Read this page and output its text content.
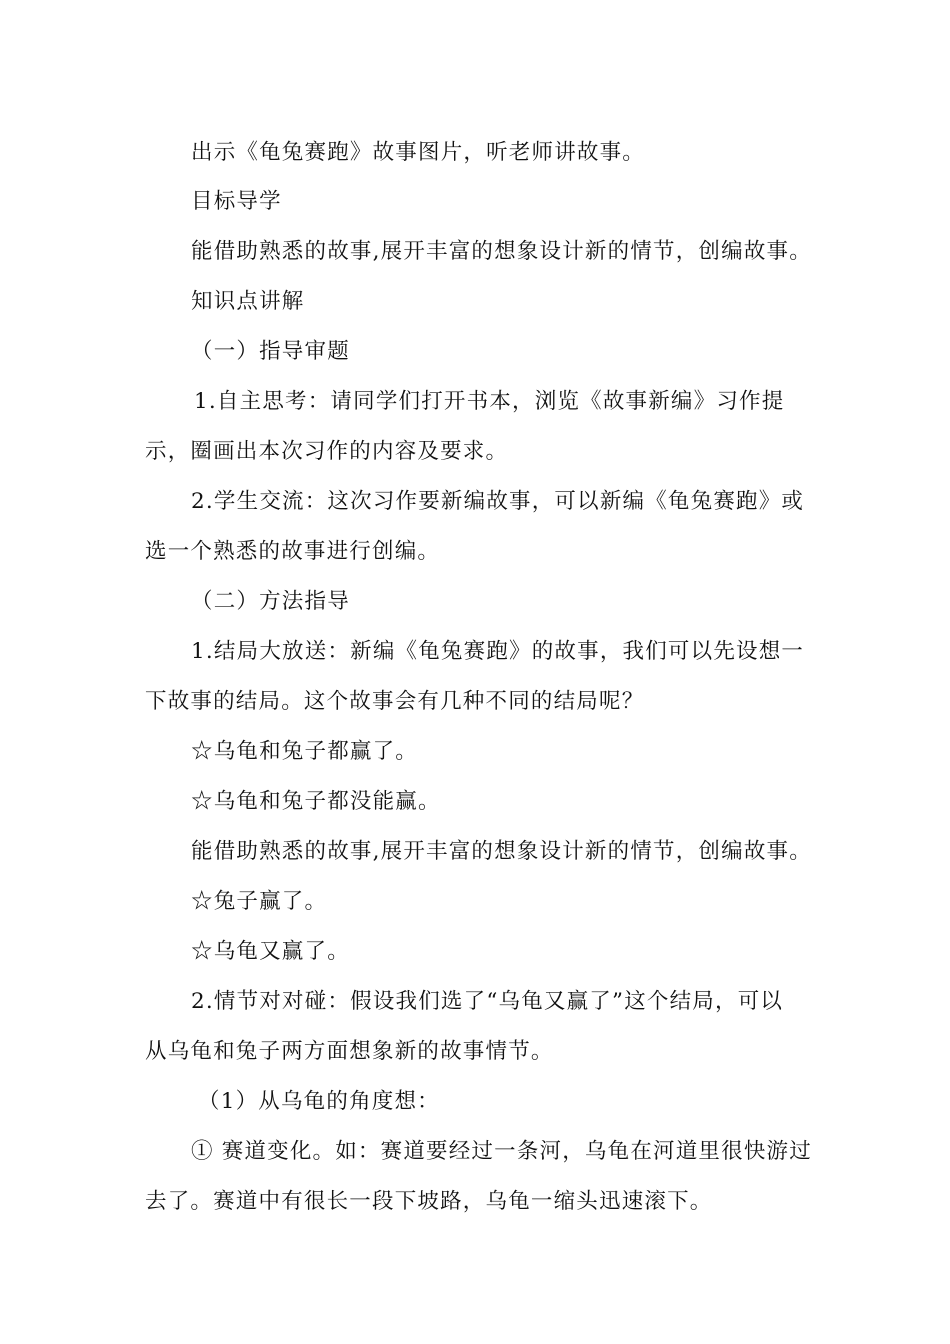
出示《龟兔赛跑》故事图片，听老师讲故事。
目标导学
能借助熟悉的故事,展开丰富的想象设计新的情节，创编故事。
知识点讲解
（一）指导审题
1.自主思考：请同学们打开书本，浏览《故事新编》习作提
示，圈画出本次习作的内容及要求。
2.学生交流：这次习作要新编故事，可以新编《龟兔赛跑》或
选一个熟悉的故事进行创编。
（二）方法指导
1.结局大放送：新编《龟兔赛跑》的故事，我们可以先设想一
下故事的结局。这个故事会有几种不同的结局呢？
☆乌龟和兔子都赢了。
☆乌龟和兔子都没能赢。
能借助熟悉的故事,展开丰富的想象设计新的情节，创编故事。
☆兔子赢了。
☆乌龟又赢了。
2.情节对对碰：假设我们选了“乌龟又赢了”这个结局，可以
从乌龟和兔子两方面想象新的故事情节。
（1）从乌龟的角度想：
① 赛道变化。如：赛道要经过一条河，乌龟在河道里很快游过
去了。赛道中有很长一段下坡路，乌龟一缩头迅速滚下。
